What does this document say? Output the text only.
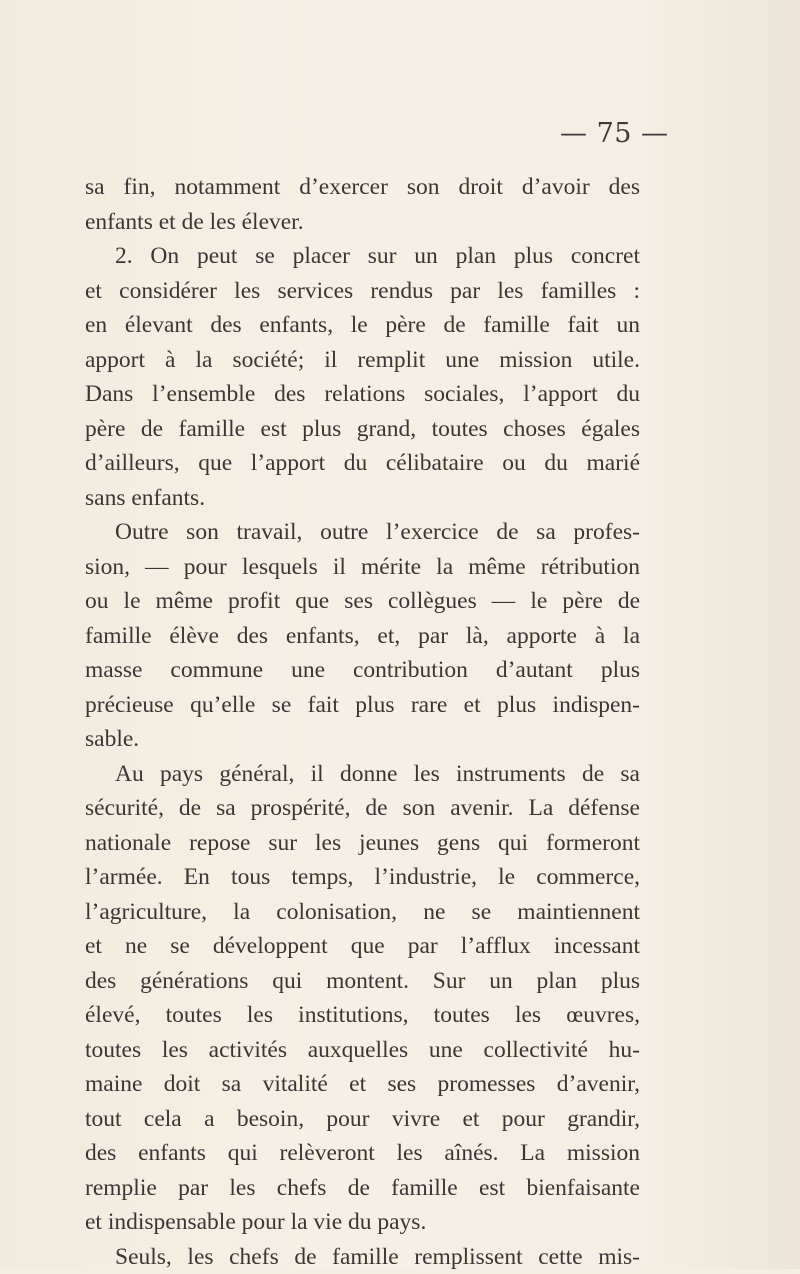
— 75 —
sa fin, notamment d’exercer son droit d’avoir des
enfants et de les élever.
2. On peut se placer sur un plan plus concret
et considérer les services rendus par les familles :
en élevant des enfants, le père de famille fait un
apport à la société; il remplit une mission utile.
Dans l’ensemble des relations sociales, l’apport du
père de famille est plus grand, toutes choses égales
d’ailleurs, que l’apport du célibataire ou du marié
sans enfants.
Outre son travail, outre l’exercice de sa profes-
sion, — pour lesquels il mérite la même rétribution
ou le même profit que ses collègues — le père de
famille élève des enfants, et, par là, apporte à la
masse commune une contribution d’autant plus
précieuse qu’elle se fait plus rare et plus indispen-
sable.
Au pays général, il donne les instruments de sa
sécurité, de sa prospérité, de son avenir. La défense
nationale repose sur les jeunes gens qui formeront
l’armée. En tous temps, l’industrie, le commerce,
l’agriculture, la colonisation, ne se maintiennent
et ne se développent que par l’afflux incessant
des générations qui montent. Sur un plan plus
élevé, toutes les institutions, toutes les œuvres,
toutes les activités auxquelles une collectivité hu-
maine doit sa vitalité et ses promesses d’avenir,
tout cela a besoin, pour vivre et pour grandir,
des enfants qui relèveront les aînés. La mission
remplie par les chefs de famille est bienfaisante
et indispensable pour la vie du pays.
Seuls, les chefs de famille remplissent cette mis-
